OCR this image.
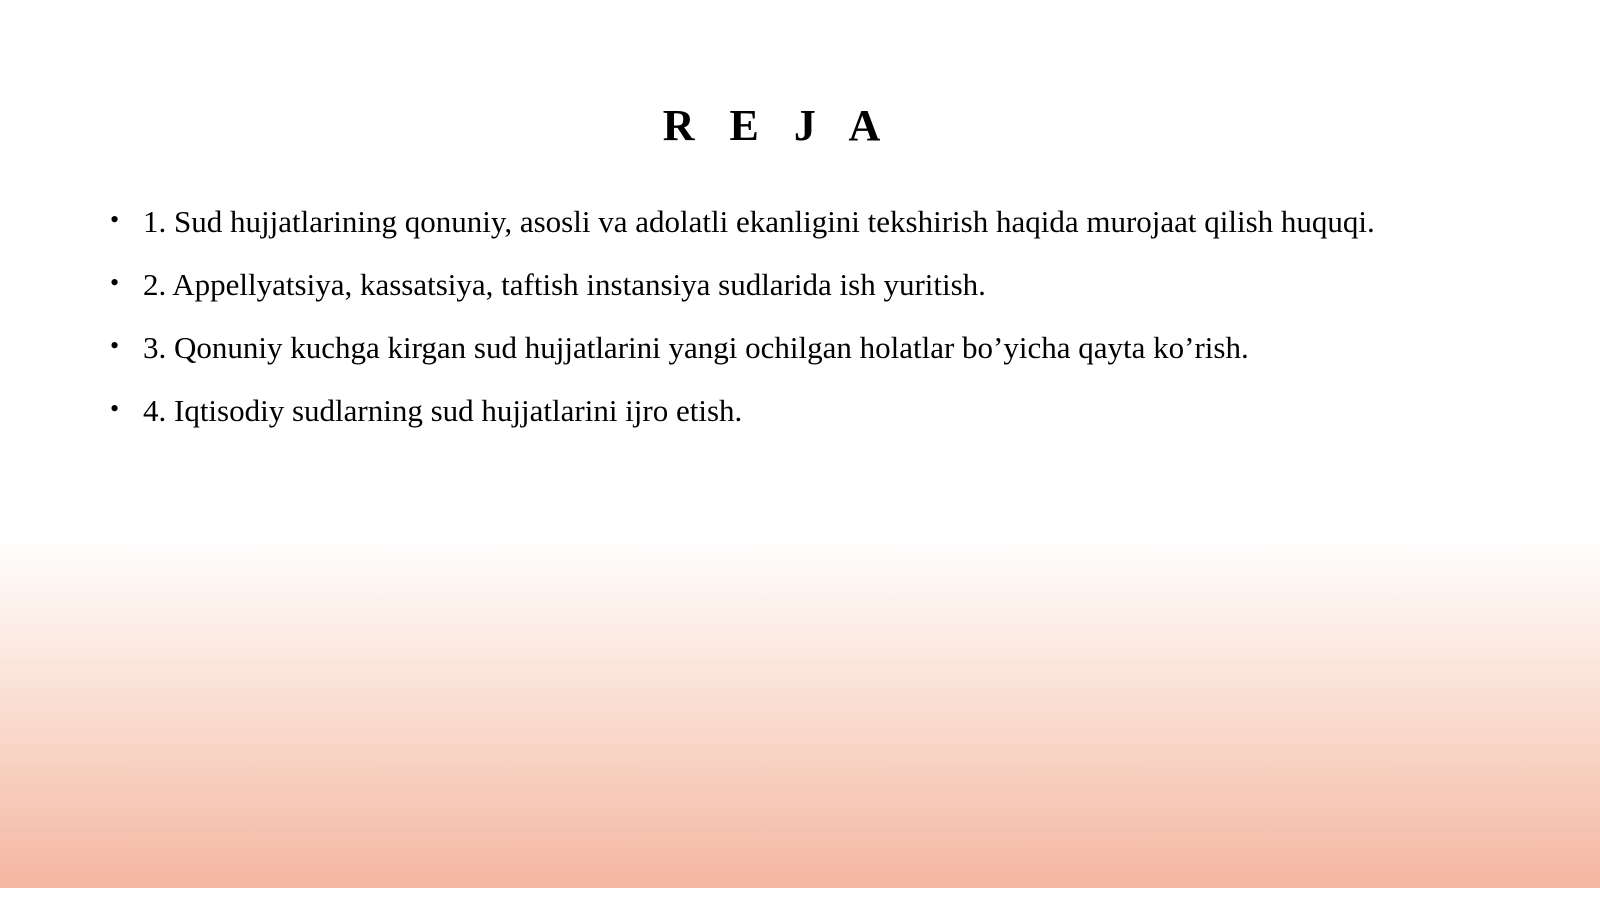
R E J A
• 1. Sud hujjatlarining qonuniy, asosli va adolatli ekanligini tekshirish haqida murojaat qilish huquqi.
• 2. Appellyatsiya, kassatsiya, taftish instansiya sudlarida ish yuritish.
• 3. Qonuniy kuchga kirgan sud hujjatlarini yangi ochilgan holatlar bo’yicha qayta ko’rish.
• 4. Iqtisodiy sudlarning sud hujjatlarini ijro etish.
